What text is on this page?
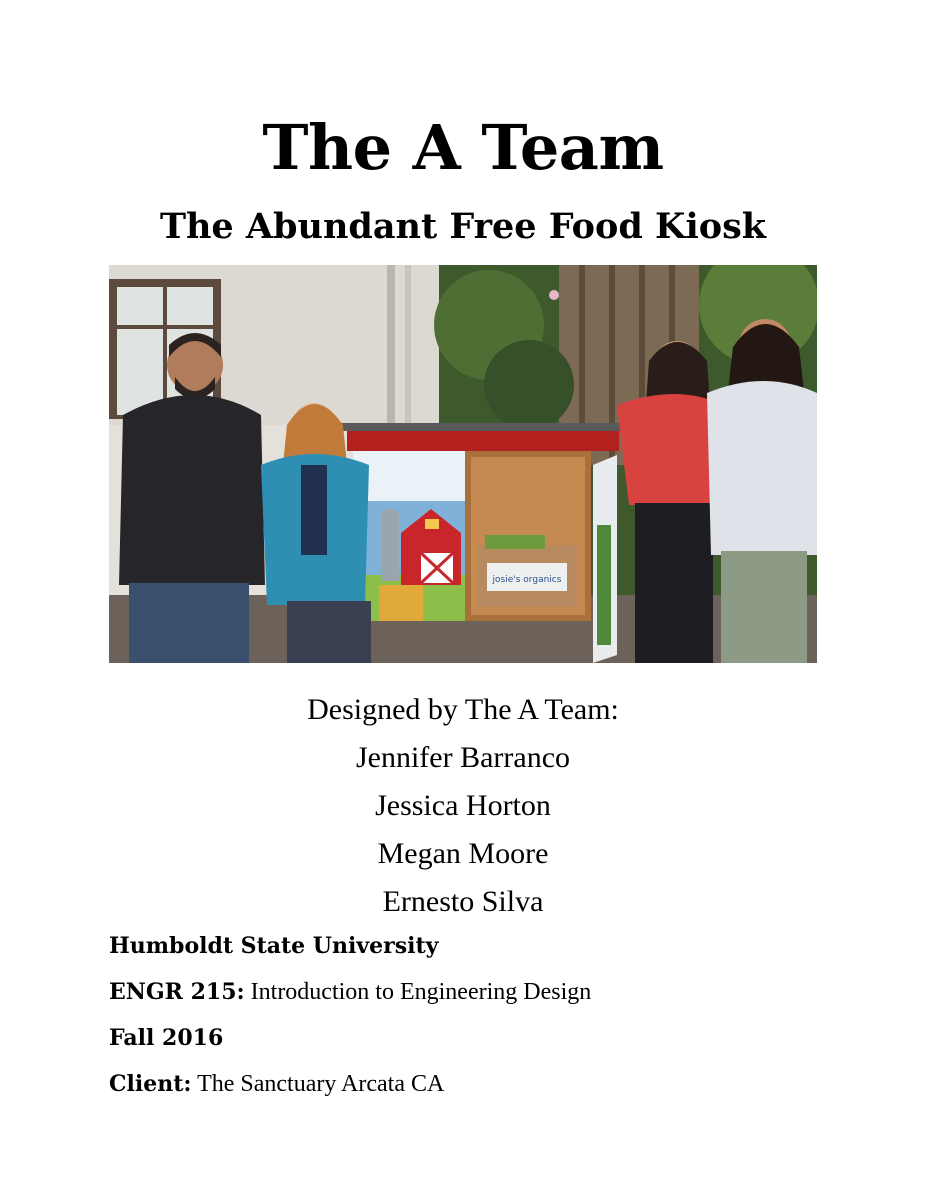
The A Team
The Abundant Free Food Kiosk
josie's organics
Designed by The A Team:
Jennifer Barranco
Jessica Horton
Megan Moore
Ernesto Silva
Humboldt State University
ENGR 215: Introduction to Engineering Design
Fall 2016
Client: The Sanctuary Arcata CA
